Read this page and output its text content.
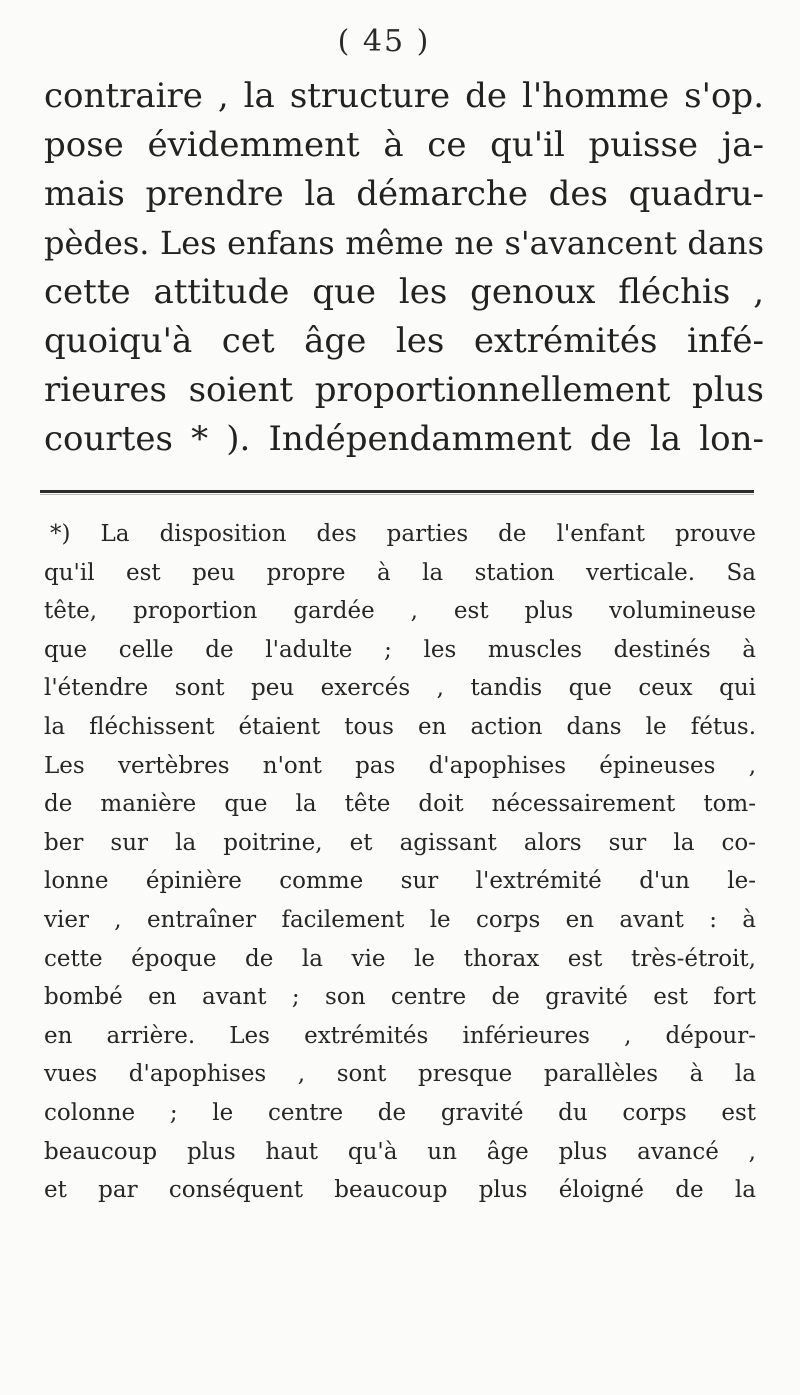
( 45 )
contraire , la structure de l'homme s'op.
pose évidemment à ce qu'il puisse ja-
mais prendre la démarche des quadru-
pèdes. Les enfans même ne s'avancent dans
cette attitude que les genoux fléchis ,
quoiqu'à cet âge les extrémités infé-
rieures soient proportionnellement plus
courtes * ). Indépendamment de la lon-
*) La disposition des parties de l'enfant prouve
qu'il est peu propre à la station verticale. Sa
tête, proportion gardée , est plus volumineuse
que celle de l'adulte ; les muscles destinés à
l'étendre sont peu exercés , tandis que ceux qui
la fléchissent étaient tous en action dans le fétus.
Les vertèbres n'ont pas d'apophises épineuses ,
de manière que la tête doit nécessairement tom-
ber sur la poitrine, et agissant alors sur la co-
lonne épinière comme sur l'extrémité d'un le-
vier , entraîner facilement le corps en avant : à
cette époque de la vie le thorax est très-étroit,
bombé en avant ; son centre de gravité est fort
en arrière. Les extrémités inférieures , dépour-
vues d'apophises , sont presque parallèles à la
colonne ; le centre de gravité du corps est
beaucoup plus haut qu'à un âge plus avancé ,
et par conséquent beaucoup plus éloigné de la
